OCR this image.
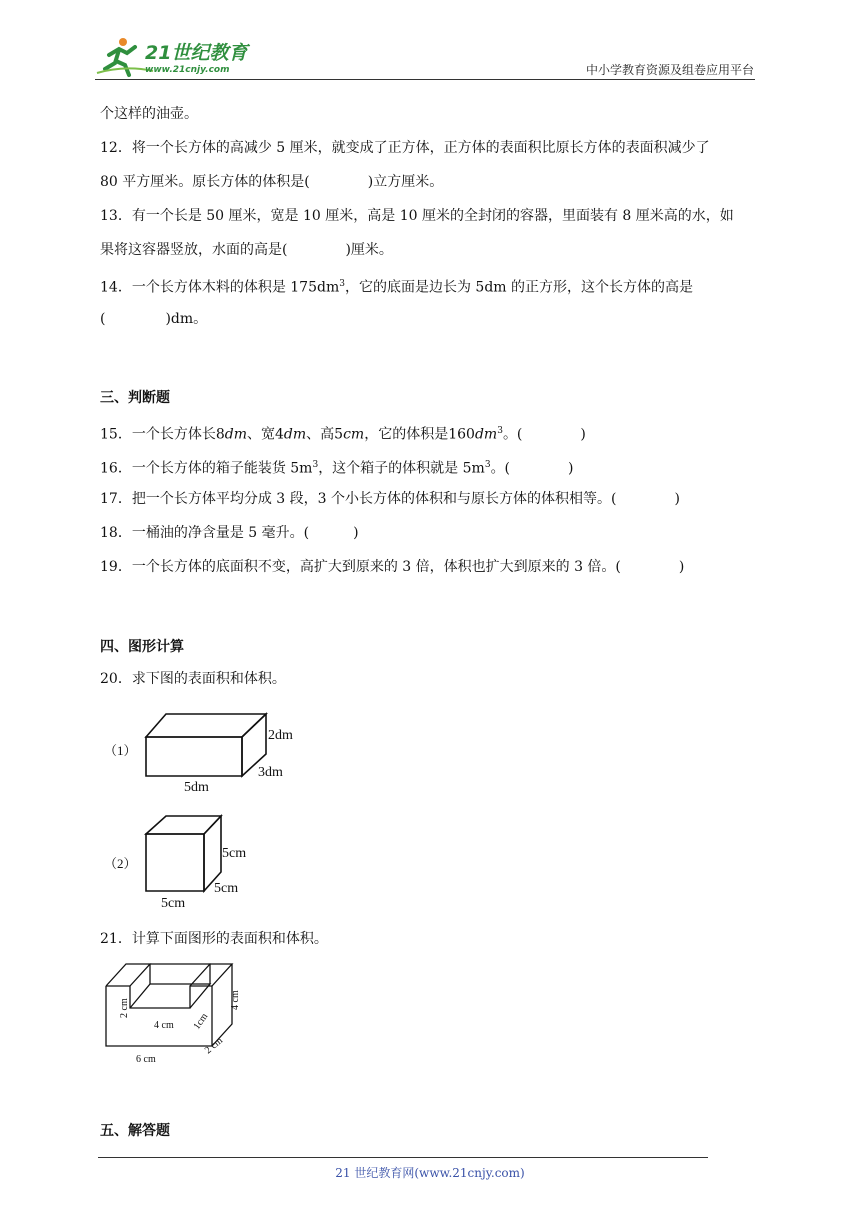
21世纪教育
www.21cnjy.com	中小学教育资源及组卷应用平台
个这样的油壶。
12．将一个长方体的高减少 5 厘米，就变成了正方体，正方体的表面积比原长方体的表面积减少了
80 平方厘米。原长方体的体积是(	)立方厘米。
13．有一个长是 50 厘米，宽是 10 厘米，高是 10 厘米的全封闭的容器，里面装有 8 厘米高的水，如
果将这容器竖放，水面的高是(	)厘米。
14．一个长方体木料的体积是 $175dm^3$，它的底面是边长为 5dm 的正方形，这个长方体的高是
(	)dm。
三、判断题
15．一个长方体长8dm、宽4dm、高5cm，它的体积是$160dm^3$。(	)
16．一个长方体的箱子能装货 $5m^3$，这个箱子的体积就是 $5m^3$。(	)
17．把一个长方体平均分成 3 段，3 个小长方体的体积和与原长方体的体积相等。(	)
18．一桶油的净含量是 5 毫升。(	)
19．一个长方体的底面积不变，高扩大到原来的 3 倍，体积也扩大到原来的 3 倍。(	)
四、图形计算
20．求下图的表面积和体积。
（1）
2dm
3dm
5dm
（2）
5cm
5cm
5cm
21．计算下面图形的表面积和体积。
2 cm
4 cm 1cm
4 cm
6 cm
2 cm
五、解答题
21 世纪教育网(www.21cnjy.com)
